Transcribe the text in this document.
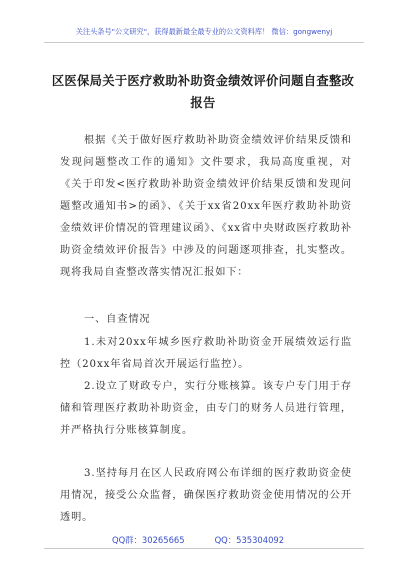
关注头条号"公文研究"，获得最新最全最专业的公文资料库！ 微信：gongwenyj
区医保局关于医疗救助补助资金绩效评价问题自查整改报告
根据《关于做好医疗救助补助资金绩效评价结果反馈和发现问题整改工作的通知》文件要求，我局高度重视，对《关于印发<医疗救助补助资金绩效评价结果反馈和发现问题整改通知书>的函》、《关于xx省20xx年医疗救助补助资金绩效评价情况的管理建议函》、《xx省中央财政医疗救助补助资金绩效评价报告》中涉及的问题逐项排查，扎实整改。现将我局自查整改落实情况汇报如下：
一、自查情况
1.未对20xx年城乡医疗救助补助资金开展绩效运行监控（20xx年省局首次开展运行监控）。
2.设立了财政专户，实行分账核算。该专户专门用于存储和管理医疗救助补助资金，由专门的财务人员进行管理，并严格执行分账核算制度。
3.坚持每月在区人民政府网公布详细的医疗救助资金使用情况，接受公众监督，确保医疗救助资金使用情况的公开透明。
QQ群：30265665	QQ：535304092
